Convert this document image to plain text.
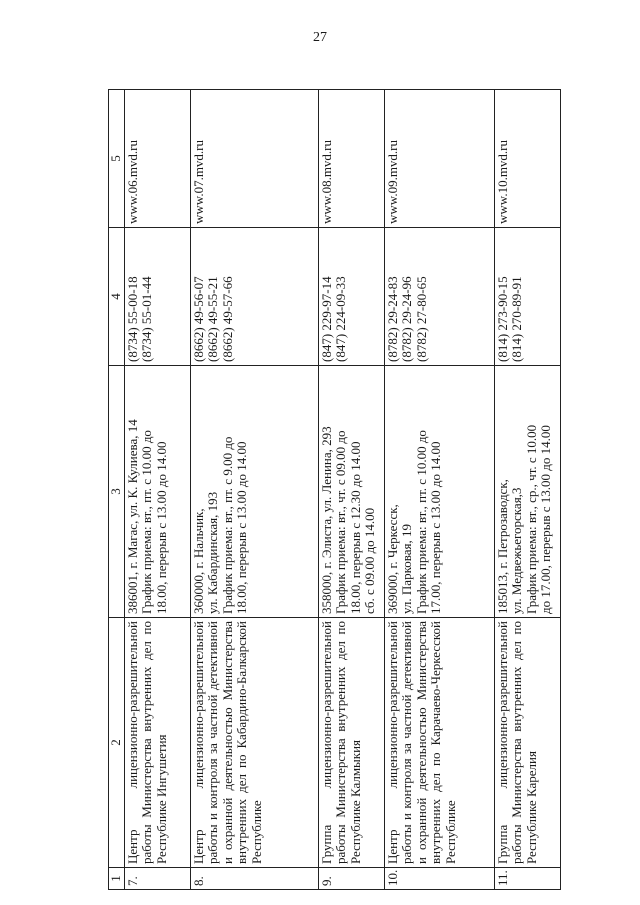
27
1	2	3	4	5
7.	Центр лицензионно-разрешительной работы Министерства внутренних дел по Республике Ингушетия	386001, г. Магас, ул. К. Кулиева, 14 График приема: вт., пт. с 10.00 до 18.00, перерыв с 13.00 до 14.00	(8734) 55-00-18 (8734) 55-01-44	www.06.mvd.ru

8.	Центр лицензионно-разрешительной работы и контроля за частной детективной и охранной деятельностью Министерства внутренних дел по Кабардино-Балкарской Республике	360000, г. Нальчик, ул. Кабардинская, 193 График приема: вт., пт. с 9.00 до 18.00, перерыв с 13.00 до 14.00	(8662) 49-56-07 (8662) 49-55-21 (8662) 49-57-66	www.07.mvd.ru

9.	Группа лицензионно-разрешительной работы Министерства внутренних дел по Республике Калмыкия	358000, г. Элиста, ул. Ленина, 293 График приема: вт., чт. с 09.00 до 18.00, перерыв с 12.30 до 14.00 сб. с 09.00 до 14.00	(847) 229-97-14 (847) 224-09-33	www.08.mvd.ru

10.	Центр лицензионно-разрешительной работы и контроля за частной детективной и охранной деятельностью Министерства внутренних дел по Карачаево-Черкесской Республике	369000, г. Черкесск, ул. Парковая, 19 График приема: вт., пт. с 10.00 до 17.00, перерыв с 13.00 до 14.00	(8782) 29-24-83 (8782) 29-24-96 (8782) 27-80-65	www.09.mvd.ru

11.	Группа лицензионно-разрешительной работы Министерства внутренних дел по Республике Карелия	185013, г. Петрозаводск, ул. Медвежьегорская,3 График приема: вт., ср., чт. с 10.00 до 17.00, перерыв с 13.00 до 14.00	(814) 273-90-15 (814) 270-89-91	www.10.mvd.ru
